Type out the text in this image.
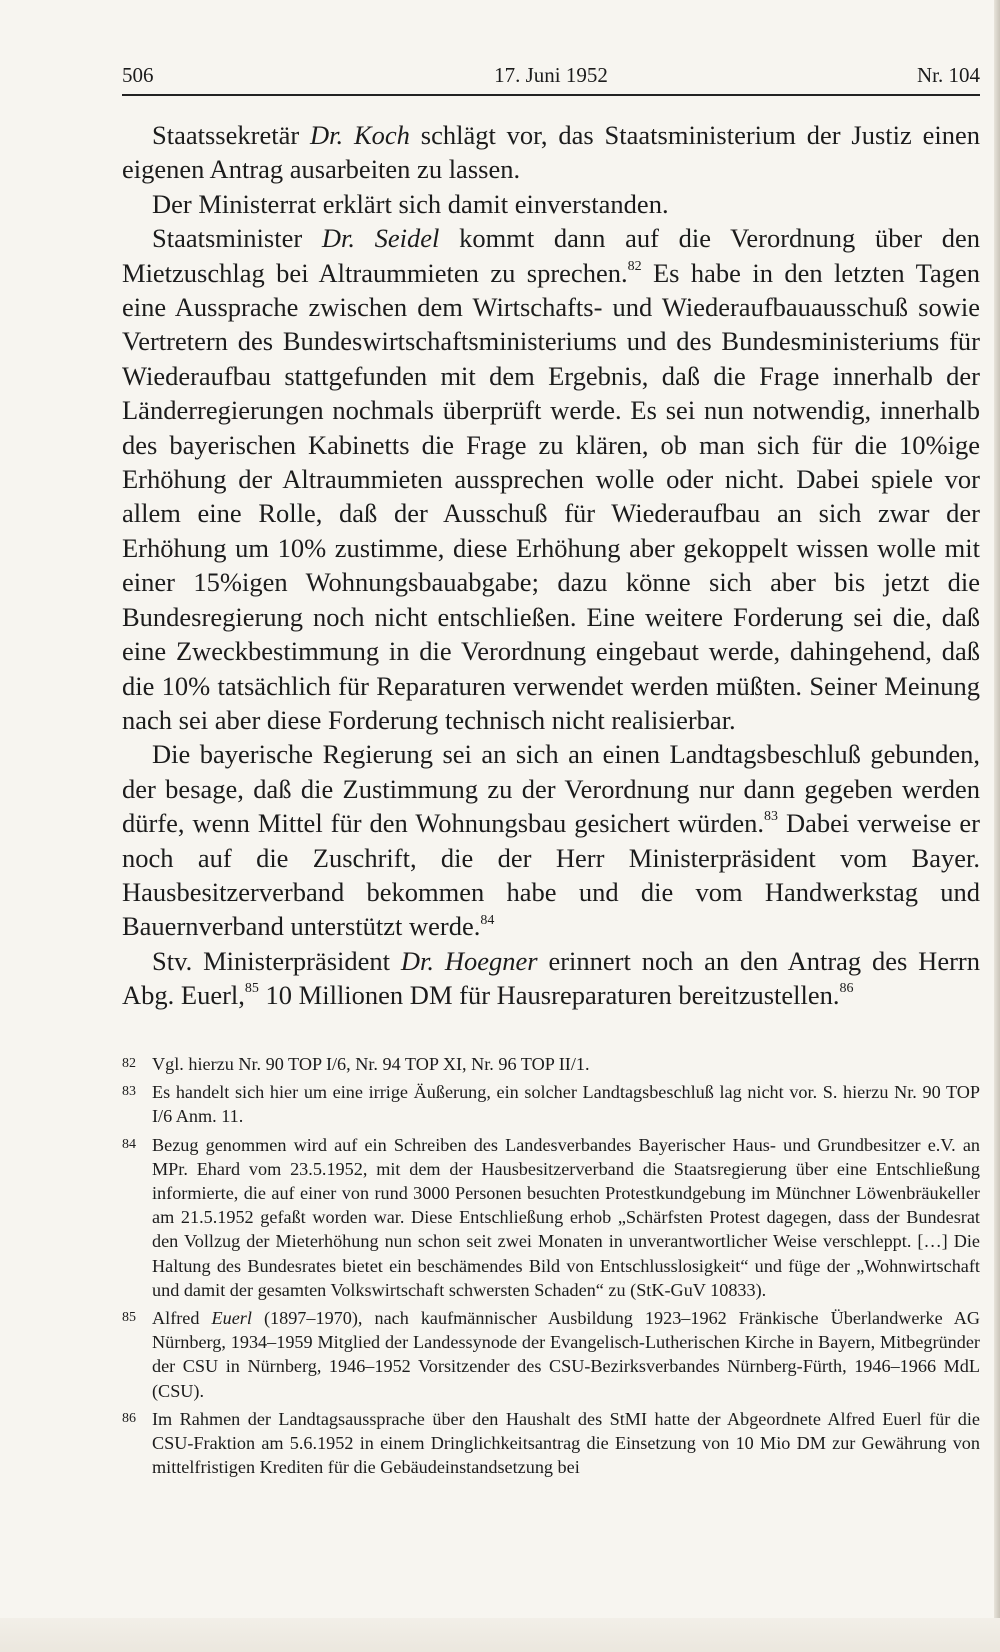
506	17. Juni 1952	Nr. 104

Staatssekretär Dr. Koch schlägt vor, das Staatsministerium der Justiz einen eigenen Antrag ausarbeiten zu lassen.

Der Ministerrat erklärt sich damit einverstanden.

Staatsminister Dr. Seidel kommt dann auf die Verordnung über den Mietzuschlag bei Altraummieten zu sprechen.$^{82}$ Es habe in den letzten Tagen eine Aussprache zwischen dem Wirtschafts- und Wiederaufbauausschuß sowie Vertretern des Bundeswirtschaftsministeriums und des Bundesministeriums für Wiederaufbau stattgefunden mit dem Ergebnis, daß die Frage innerhalb der Länderregierungen nochmals überprüft werde. Es sei nun notwendig, innerhalb des bayerischen Kabinetts die Frage zu klären, ob man sich für die 10%ige Erhöhung der Altraummieten aussprechen wolle oder nicht. Dabei spiele vor allem eine Rolle, daß der Ausschuß für Wiederaufbau an sich zwar der Erhöhung um 10% zustimme, diese Erhöhung aber gekoppelt wissen wolle mit einer 15%igen Wohnungsbauabgabe; dazu könne sich aber bis jetzt die Bundesregierung noch nicht entschließen. Eine weitere Forderung sei die, daß eine Zweckbestimmung in die Verordnung eingebaut werde, dahingehend, daß die 10% tatsächlich für Reparaturen verwendet werden müßten. Seiner Meinung nach sei aber diese Forderung technisch nicht realisierbar.

Die bayerische Regierung sei an sich an einen Landtagsbeschluß gebunden, der besage, daß die Zustimmung zu der Verordnung nur dann gegeben werden dürfe, wenn Mittel für den Wohnungsbau gesichert würden.$^{83}$ Dabei verweise er noch auf die Zuschrift, die der Herr Ministerpräsident vom Bayer. Hausbesitzerverband bekommen habe und die vom Handwerkstag und Bauernverband unterstützt werde.$^{84}$

Stv. Ministerpräsident Dr. Hoegner erinnert noch an den Antrag des Herrn Abg. Euerl,$^{85}$ 10 Millionen DM für Hausreparaturen bereitzustellen.$^{86}$

82 Vgl. hierzu Nr. 90 TOP I/6, Nr. 94 TOP XI, Nr. 96 TOP II/1.
83 Es handelt sich hier um eine irrige Äußerung, ein solcher Landtagsbeschluß lag nicht vor. S. hierzu Nr. 90 TOP I/6 Anm. 11.
84 Bezug genommen wird auf ein Schreiben des Landesverbandes Bayerischer Haus- und Grundbesitzer e.V. an MPr. Ehard vom 23.5.1952, mit dem der Hausbesitzerverband die Staatsregierung über eine Entschließung informierte, die auf einer von rund 3000 Personen besuchten Protestkundgebung im Münchner Löwenbräukeller am 21.5.1952 gefaßt worden war. Diese Entschließung erhob „Schärfsten Protest dagegen, dass der Bundesrat den Vollzug der Mieterhöhung nun schon seit zwei Monaten in unverantwortlicher Weise verschleppt. […] Die Haltung des Bundesrates bietet ein beschämendes Bild von Entschlusslosigkeit“ und füge der „Wohnwirtschaft und damit der gesamten Volkswirtschaft schwersten Schaden“ zu (StK-GuV 10833).
85 Alfred Euerl (1897–1970), nach kaufmännischer Ausbildung 1923–1962 Fränkische Überlandwerke AG Nürnberg, 1934–1959 Mitglied der Landessynode der Evangelisch-Lutherischen Kirche in Bayern, Mitbegründer der CSU in Nürnberg, 1946–1952 Vorsitzender des CSU-Bezirksverbandes Nürnberg-Fürth, 1946–1966 MdL (CSU).
86 Im Rahmen der Landtagsaussprache über den Haushalt des StMI hatte der Abgeordnete Alfred Euerl für die CSU-Fraktion am 5.6.1952 in einem Dringlichkeitsantrag die Einsetzung von 10 Mio DM zur Gewährung von mittelfristigen Krediten für die Gebäudeinstandsetzung bei
